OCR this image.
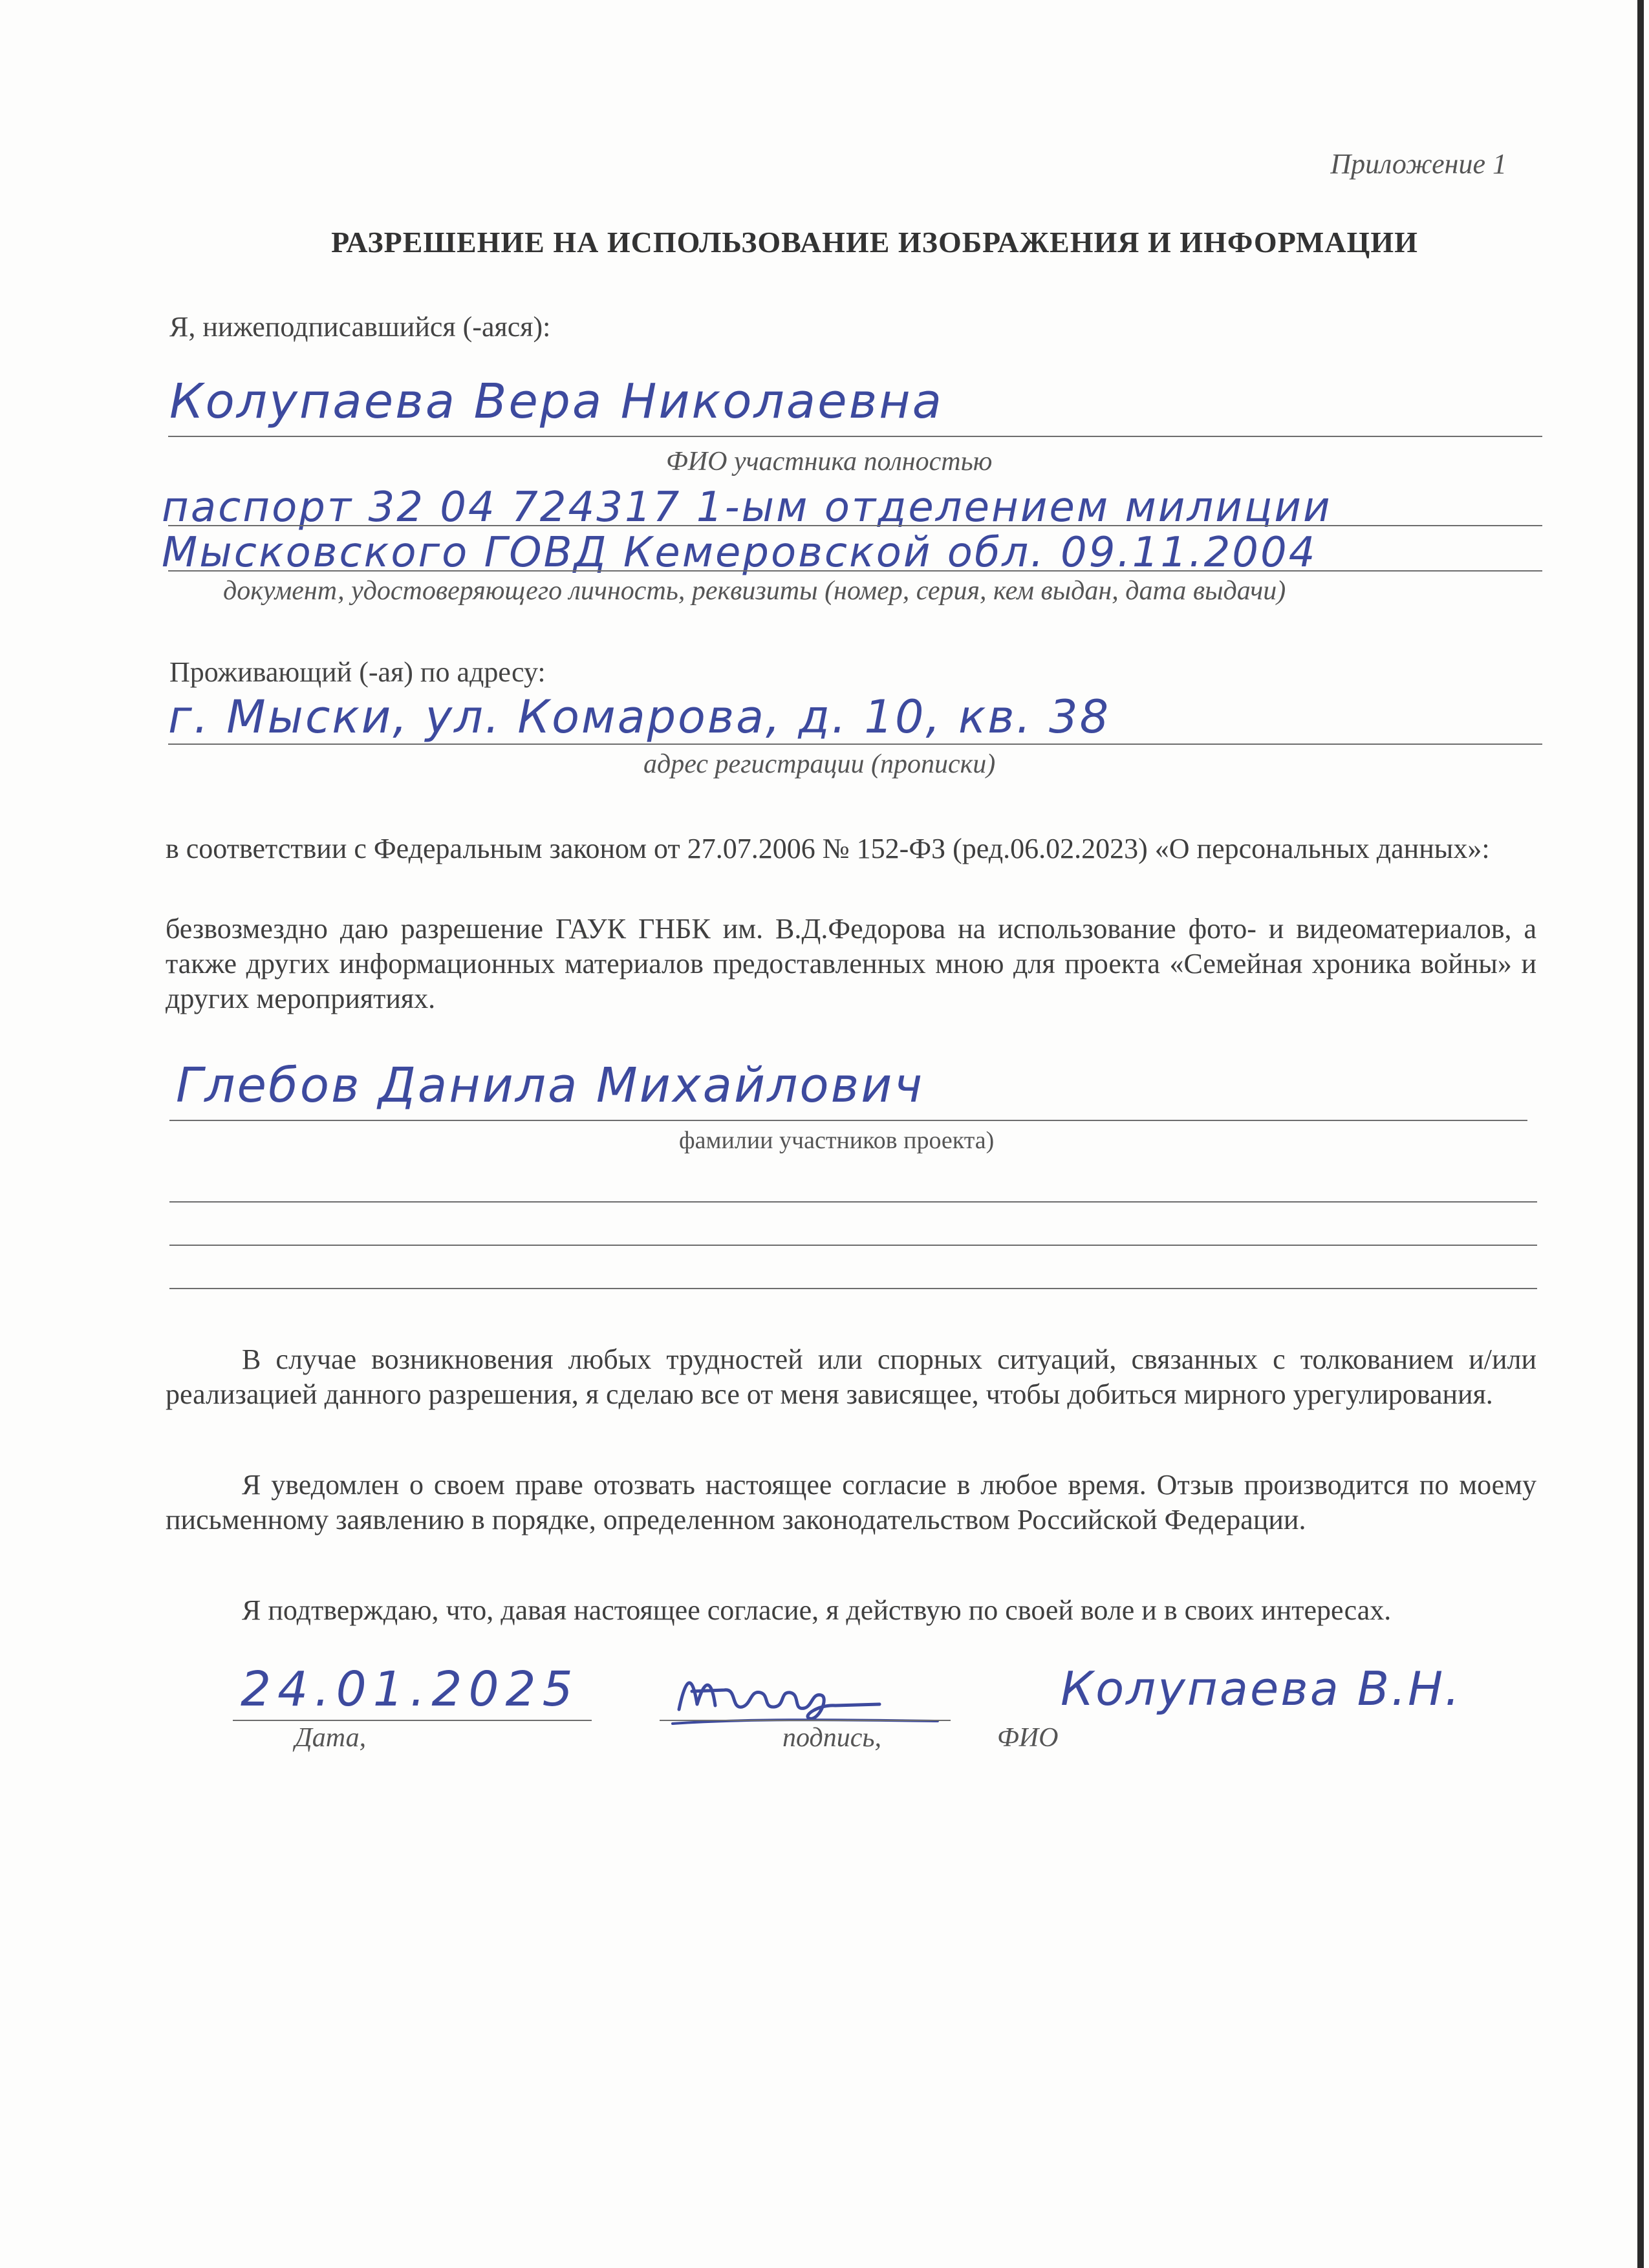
Приложение 1
РАЗРЕШЕНИЕ НА ИСПОЛЬЗОВАНИЕ ИЗОБРАЖЕНИЯ И ИНФОРМАЦИИ
Я, нижеподписавшийся (-аяся):
Колупаева Вера Николаевна
ФИО участника полностью
паспорт 32 04 724317 1-ым отделением милиции
Мысковского ГОВД Кемеровской обл. 09.11.2004
документ, удостоверяющего личность, реквизиты (номер, серия, кем выдан, дата выдачи)
Проживающий (-ая) по адресу:
г. Мыски, ул. Комарова, д. 10, кв. 38
адрес регистрации (прописки)
в соответствии с Федеральным законом от 27.07.2006 № 152-ФЗ (ред.06.02.2023) «О персональных данных»:
безвозмездно даю разрешение ГАУК ГНБК им. В.Д.Федорова на использование фото- и видеоматериалов, а также других информационных материалов предоставленных мною для проекта «Семейная хроника войны» и других мероприятиях.
Глебов Данила Михайлович
фамилии участников проекта)
В случае возникновения любых трудностей или спорных ситуаций, связанных с толкованием и/или реализацией данного разрешения, я сделаю все от меня зависящее, чтобы добиться мирного урегулирования.
Я уведомлен о своем праве отозвать настоящее согласие в любое время. Отзыв производится по моему письменному заявлению в порядке, определенном законодательством Российской Федерации.
Я подтверждаю, что, давая настоящее согласие, я действую по своей воле и в своих интересах.
24.01.2025
Дата,	подпись,
Колупаева В.Н.
ФИО
